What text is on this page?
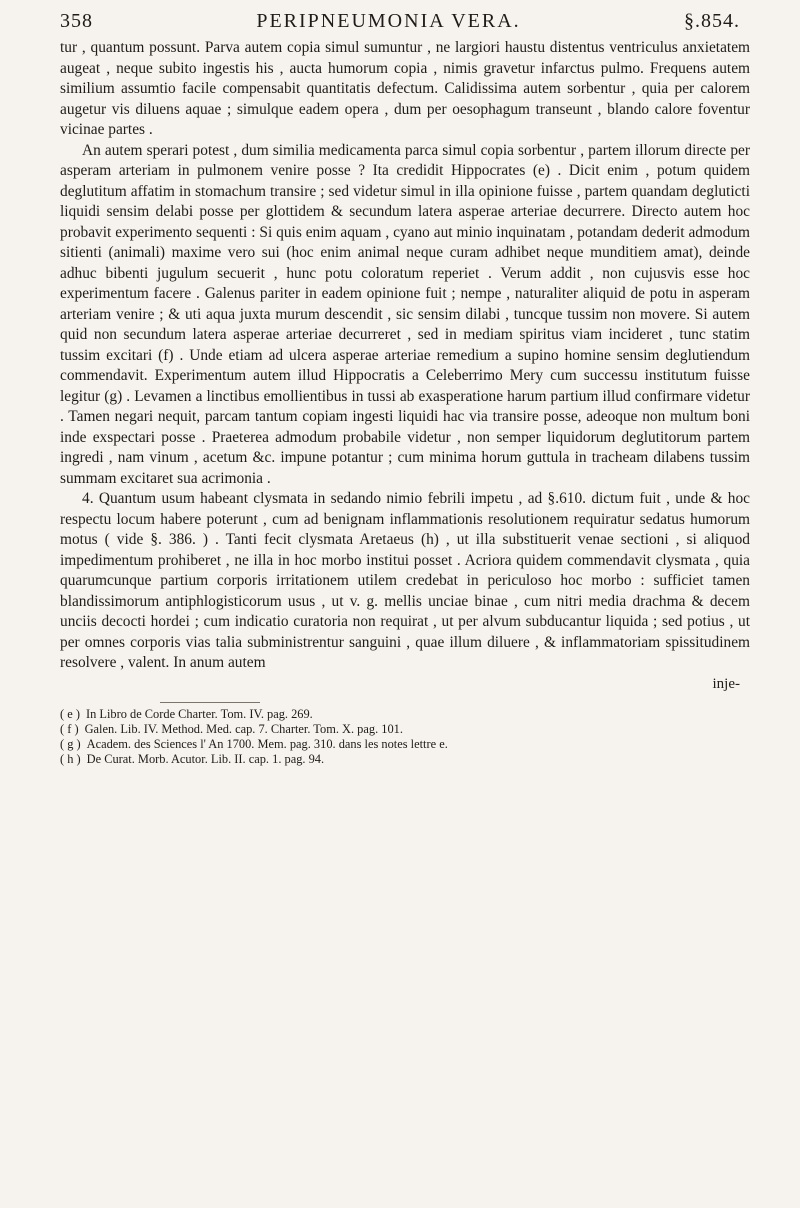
358	PERIPNEUMONIA VERA.	§.854.

tur , quantum possunt. Parva autem copia simul sumuntur , ne largiori haustu distentus ventriculus anxietatem augeat , neque subito ingestis his , aucta humorum copia , nimis gravetur infarctus pulmo. Frequens autem similium assumtio facile compensabit quantitatis defectum. Calidissima autem sorbentur , quia per calorem augetur vis diluens aquae ; simulque eadem opera , dum per oesophagum transeunt , blando calore foventur vicinae partes .

An autem sperari potest , dum similia medicamenta parca simul copia sorbentur , partem illorum directe per asperam arteriam in pulmonem venire posse ? Ita credidit Hippocrates (e) . Dicit enim , potum quidem deglutitum affatim in stomachum transire ; sed videtur simul in illa opinione fuisse , partem quandam degluticti liquidi sensim delabi posse per glottidem & secundum latera asperae arteriae decurrere. Directo autem hoc probavit experimento sequenti : Si quis enim aquam , cyano aut minio inquinatam , potandam dederit admodum sitienti (animali) maxime vero sui (hoc enim animal neque curam adhibet neque munditiem amat), deinde adhuc bibenti jugulum secuerit , hunc potu coloratum reperiet . Verum addit , non cujusvis esse hoc experimentum facere . Galenus pariter in eadem opinione fuit ; nempe , naturaliter aliquid de potu in asperam arteriam venire ; & uti aqua juxta murum descendit , sic sensim dilabi , tuncque tussim non movere. Si autem quid non secundum latera asperae arteriae decurreret , sed in mediam spiritus viam incideret , tunc statim tussim excitari (f) . Unde etiam ad ulcera asperae arteriae remedium a supino homine sensim deglutiendum commendavit. Experimentum autem illud Hippocratis a Celeberrimo Mery cum successu institutum fuisse legitur (g) . Levamen a linctibus emollientibus in tussi ab exasperatione harum partium illud confirmare videtur . Tamen negari nequit, parcam tantum copiam ingesti liquidi hac via transire posse, adeoque non multum boni inde exspectari posse . Praeterea admodum probabile videtur , non semper liquidorum deglutitorum partem ingredi , nam vinum , acetum &c. impune potantur ; cum minima horum guttula in tracheam dilabens tussim summam excitaret sua acrimonia .

4. Quantum usum habeant clysmata in sedando nimio febrili impetu , ad §.610. dictum fuit , unde & hoc respectu locum habere poterunt , cum ad benignam inflammationis resolutionem requiratur sedatus humorum motus ( vide §. 386. ) . Tanti fecit clysmata Aretaeus (h) , ut illa substituerit venae sectioni , si aliquod impedimentum prohiberet , ne illa in hoc morbo institui posset . Acriora quidem commendavit clysmata , quia quarumcunque partium corporis irritationem utilem credebat in periculoso hoc morbo : sufficiet tamen blandissimorum antiphlogisticorum usus , ut v. g. mellis unciae binae , cum nitri media drachma & decem unciis decocti hordei ; cum indicatio curatoria non requirat , ut per alvum subducantur liquida ; sed potius , ut per omnes corporis vias talia subministrentur sanguini , quae illum diluere , & inflammatoriam spissitudinem resolvere , valent. In anum autem

inje-
( e ) In Libro de Corde Charter. Tom. IV. pag. 269.
( f ) Galen. Lib. IV. Method. Med. cap. 7. Charter. Tom. X. pag. 101.
( g ) Academ. des Sciences l' An 1700. Mem. pag. 310. dans les notes lettre e.
( h ) De Curat. Morb. Acutor. Lib. II. cap. 1. pag. 94.
